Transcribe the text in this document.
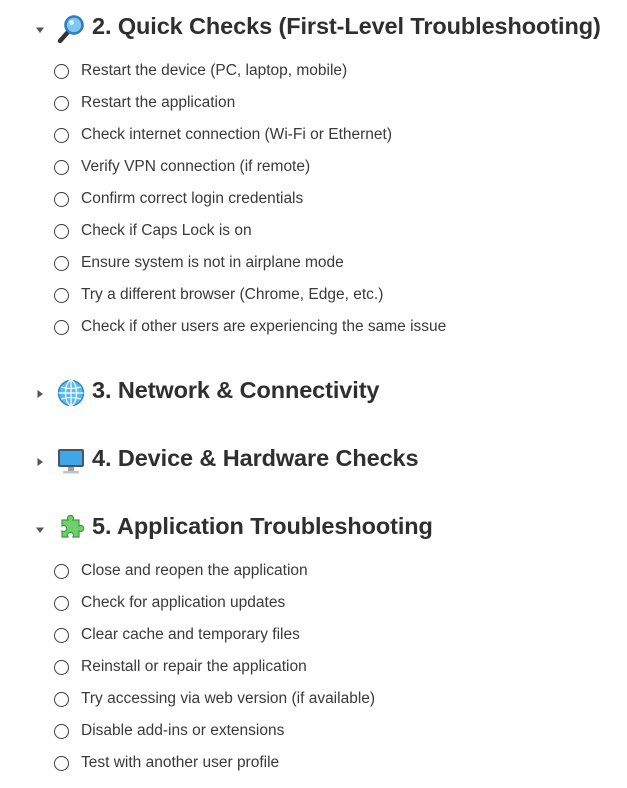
2. Quick Checks (First-Level Troubleshooting)
Restart the device (PC, laptop, mobile)
Restart the application
Check internet connection (Wi-Fi or Ethernet)
Verify VPN connection (if remote)
Confirm correct login credentials
Check if Caps Lock is on
Ensure system is not in airplane mode
Try a different browser (Chrome, Edge, etc.)
Check if other users are experiencing the same issue
3. Network & Connectivity
4. Device & Hardware Checks
5. Application Troubleshooting
Close and reopen the application
Check for application updates
Clear cache and temporary files
Reinstall or repair the application
Try accessing via web version (if available)
Disable add-ins or extensions
Test with another user profile
